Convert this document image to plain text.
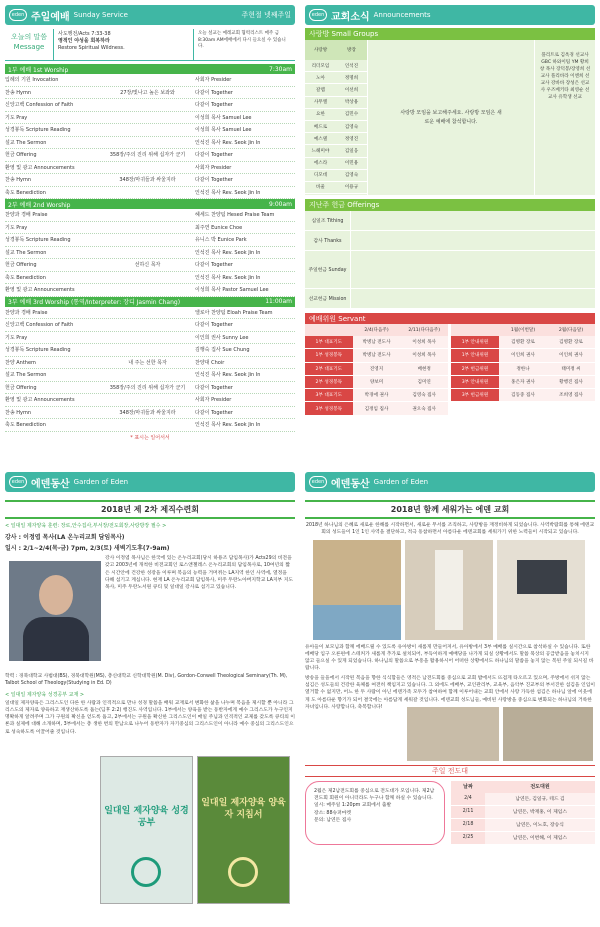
eden 주일예배 Sunday Service	주현절 넷째주일
오늘의 말씀
Message
사도행전/Acts 7:33-38
영적인 야성을 회복하라
Restore Spiritual Wildness.
오늘 설교는 예레교회 협력리스트 매주 금 8:30am AM에배에서 다시 들으실 수 있습니다.
1부 예배 1st Worship	7:30am
입례의 기원 Invocation	사회자 Presider
찬송 Hymn	27장/빛나고 높은 보좌와	다같이 Together
신앙고백 Confession of Faith	다같이 Together
기도 Pray	이성희 목사 Samuel Lee
성경봉독 Scripture Reading	이성희 목사 Samuel Lee
설교 The Sermon	인석진 목사 Rev. Seok Jin In
헌금 Offering	358장/주의 진리 위해 십자가 군기	다같이 Together
환영 및 광고 Announcements	사회자 Presider
찬송 Hymn	348장/마귀들과 싸울지라	다같이 Together
축도 Benediction	인석진 목사 Rev. Seok Jin In
2부 예배 2nd Worship	9:00am
찬양과 경배 Praise	헤세드 찬양팀 Hesed Praise Team
기도 Pray	최주연 Eunice Choe
성경봉독 Scripture Reading	유니스 박 Eunice Park
설교 The Sermon	인석진 목사 Rev. Seok Jin In
헌금 Offering	선하신 목자	다같이 Together
축도 Benediction	인석진 목사 Rev. Seok Jin In
환영 및 광고 Announcements	이성희 목사 Pastor Samuel Lee
3부 예배 3rd Worship (통역/Interpreter: 장디 Jasmin Chang)	11:00am
찬양과 경배 Praise	엘로아 찬양팀 Eloah Praise Team
신앙고백 Confession of Faith	다같이 Together
기도 Pray	이인희 권사 Sunny Lee
성경봉독 Scripture Reading	김행숙 집사 Sue Chung
찬양 Anthem	내 주는 선한 목자	찬양대 Choir
설교 The Sermon	인석진 목사 Rev. Seok Jin In
헌금 Offering	358장/주의 진리 위해 십자가 군기	다같이 Together
환영 및 광고 Announcements	사회자 Presider
찬송 Hymn	348장/마귀들과 싸울지라	다같이 Together
축도 Benediction	인석진 목사 Rev. Seok Jin In
* 표시는 일어서서
eden 교회소식 Announcements
사랑방 Small Groups
사랑방	방장
리더모임	인석진
노아	정명희
갈렙	이선희
사무엘	박상용
요한	김민수
베드로	김영숙
예스델	정영진
느헤미야	김일웅
에스라	이민용
디모데	김영숙
바울	이용규
사랑방 모임을 보고해주세요. 사랑방 모임은 새로운 예배에 참석합니다.
플리트로 김옥경 선교사 GBC 하와이팀 YM 황희창 목사 장덕봉/장영희 선교사 플리바라 이엔희 선교사 강바바 장성은 선교사 우즈베키타 최영순 선교사 유학생 선교
지난주 헌금 Offerings
십일조 Tithing
감사 Thanks
주일헌금 Sunday
선교헌금 Mission
예배위원 Servant
2/4(다음주)	2/11(다다음주)
1부 대표기도	박병남 전도사	이성희 목사
1부 성경봉독	박병남 전도사	이성희 목사
2부 대표기도	진영지	배현정
2부 성경봉독	양보미	김미연
3부 대표기도	박경애 권사	김영숙 집사
3부 성경봉독	김정임 집사	권오숙 집사
1월(이번달)	2월(다음달)
1부 안내위원	김병환 장로	김병환 장로
1부 안내위원	이인희 권사	이인희 권사
2부 헌금위원	정한나	태미정 씨
3부 안내위원	홍은자 권사	황행진 집사
3부 헌금위원	김동중 집사	조희영 집사
eden 에덴동산 Garden of Eden
2018년 제 2차 제직수련회
< 일대일 제자양육 훈련: 장로,안수집사,부서장/전도회장,사랑방장 필수 >
강사 : 이정엽 목사(LA 온누리교회 담임목사)
일시 : 2/1~2/4(목-금) 7pm, 2/3(토) 새벽기도후(7-9am)
강사 이정엽 목사님은 한국에 있는 온누리교회(당시 하용조 담임목사)가 Acts29의 비전을 갖고 2003년에 개척한 비전교회인 로스앤젤레스 온누리교회의 담임목사로, 10여년의 짧은 시간안에 건강한 성장을 이루며 복음의 능력을 거머쥐는 LA지역 한인 사역에, 열정을 다해 섬기고 계십니다. 현재 LA 온누리교회 담임목사, 미주 두란노아버지학교 LA지부 지도목사, 미주 두란노서원 큐티 및 일대일 강사로 섬기고 있습니다.
학력 : 경북대학교 사범대(BS), 경북대학원(MS), 총신대학교 신학대학원(M. Div), Gordon-Conwell Theological Seminary(Th. M), Talbot School of Theology(Studying in Ed. D)
< 일대일 제자양육 성경공부 교재 >
일대일 제자양육은 그리스도인 다른 한 사람과 인격적으로 만나 성경 말씀을 배워 교재로서 변화한 삶을 나누며 복음을 제시할 뿐 아니라 그리스도의 제자로 양육하고 재생산하도록 돕는(딤후 2:2) 행진도 사역입니다. 1부에서는 양육을 받는 동반자에게 예수 그리스도가 누구인지 명확하게 알려주며 그가 구원의 확신을 얻도록 돕고, 2부에서는 구원을 확신한 그리스도인이 매일 주님과 인격적인 교제를 갖도록 큐티의 이론과 실제에 대해 소개하며, 3부에서는 총 생한 번의 만남으로 나누어 동반자가 자기중심의 그리스도인이 아니라 예수 중심의 그리스도인으로 성숙하도록 이끌어줄 것입니다.
일대일 제자양육 성경공부
일대일 제자양육 양육자 지침서
eden 에덴동산 Garden of Eden
2018년 함께 세워가는 에덴 교회
2018년 하나님의 은혜로 새로운 한해를 시작하면서, 새로운 무서를 조직하고, 사랑방을 재정비하게 되었습니다. 사역박람회를 통해 에덴교회의 성도들이 1인 1인 사역을 결단하고, 적극 동참하면서 아름다운 에덴교회를 세워가기 위한 노력들이 시작되고 있습니다.
유아들이 보모님과 함께 에배드릴 수 있도록 유아방이 새롭게 만들어져서, 유아방에서 3부 예배를 실시간으로 참석하실 수 있습니다. 또한 에배당 입구 오른편에 스테커가 새롭게 추가로 설치되어, 부득이하게 예배당을 나가게 되실 상황에서도 말씀 묵상의 공급받음을 놓치시지 않고 들으실 수 있게 되었습니다. 하나님의 말씀으로 부흥을 활용하시어 어떠한 상황에서도 하나님의 말씀을 놓지 않는 복된 주일 되시길 바랍니다.
방송을 들을에서 시작된 복음을 향한 식식함들은 영적은 남전도회를 중심으로 교회 밥에서도 뜨겁게 타오르고 있으며, 주방에서 쉬지 않는 섬김은 성도들의 건강한 육체를 여전히 책임지고 있습니다. 그 외에도 에배부, 교인관리부, 교육부, 음악부 진교부의 부서진한 섬김을 인입이 열거할 수 없지만, 어느 한 두 사람이 아닌 에덴가족 모두가 참여하여 함께 이루어내는 교회 안에서 사랑 가득한 섬김은 하나님 앞에 이웃에게 도 아름다운 향기가 되어 결국에는 아름답게 세워갈 것입니다. 에덴교회 성도님들, 예비된 사랑방을 중심으로 변화되는 하나님의 거룩한 자녀입니다. 사랑합니다, 축복합니다!
주일 전도대
2월은 제2남전도회를 중심으로 전도대가 모입니다. 제2남전도회 회원이 아니더라도 누구나 함께 하실 수 있습니다.
일시: 매주일 1:20pm 교회에서 출발
장소: 88슈퍼마켓
문의: 남연돈 집사
날짜	전도대원
2/4	남연돈, 김일규, 테드 김
2/11	남연돈, 박재홍, 이 제임스
2/18	남연돈, 이노호, 장승식
2/25	남연돈, 이번해, 이 제임스
